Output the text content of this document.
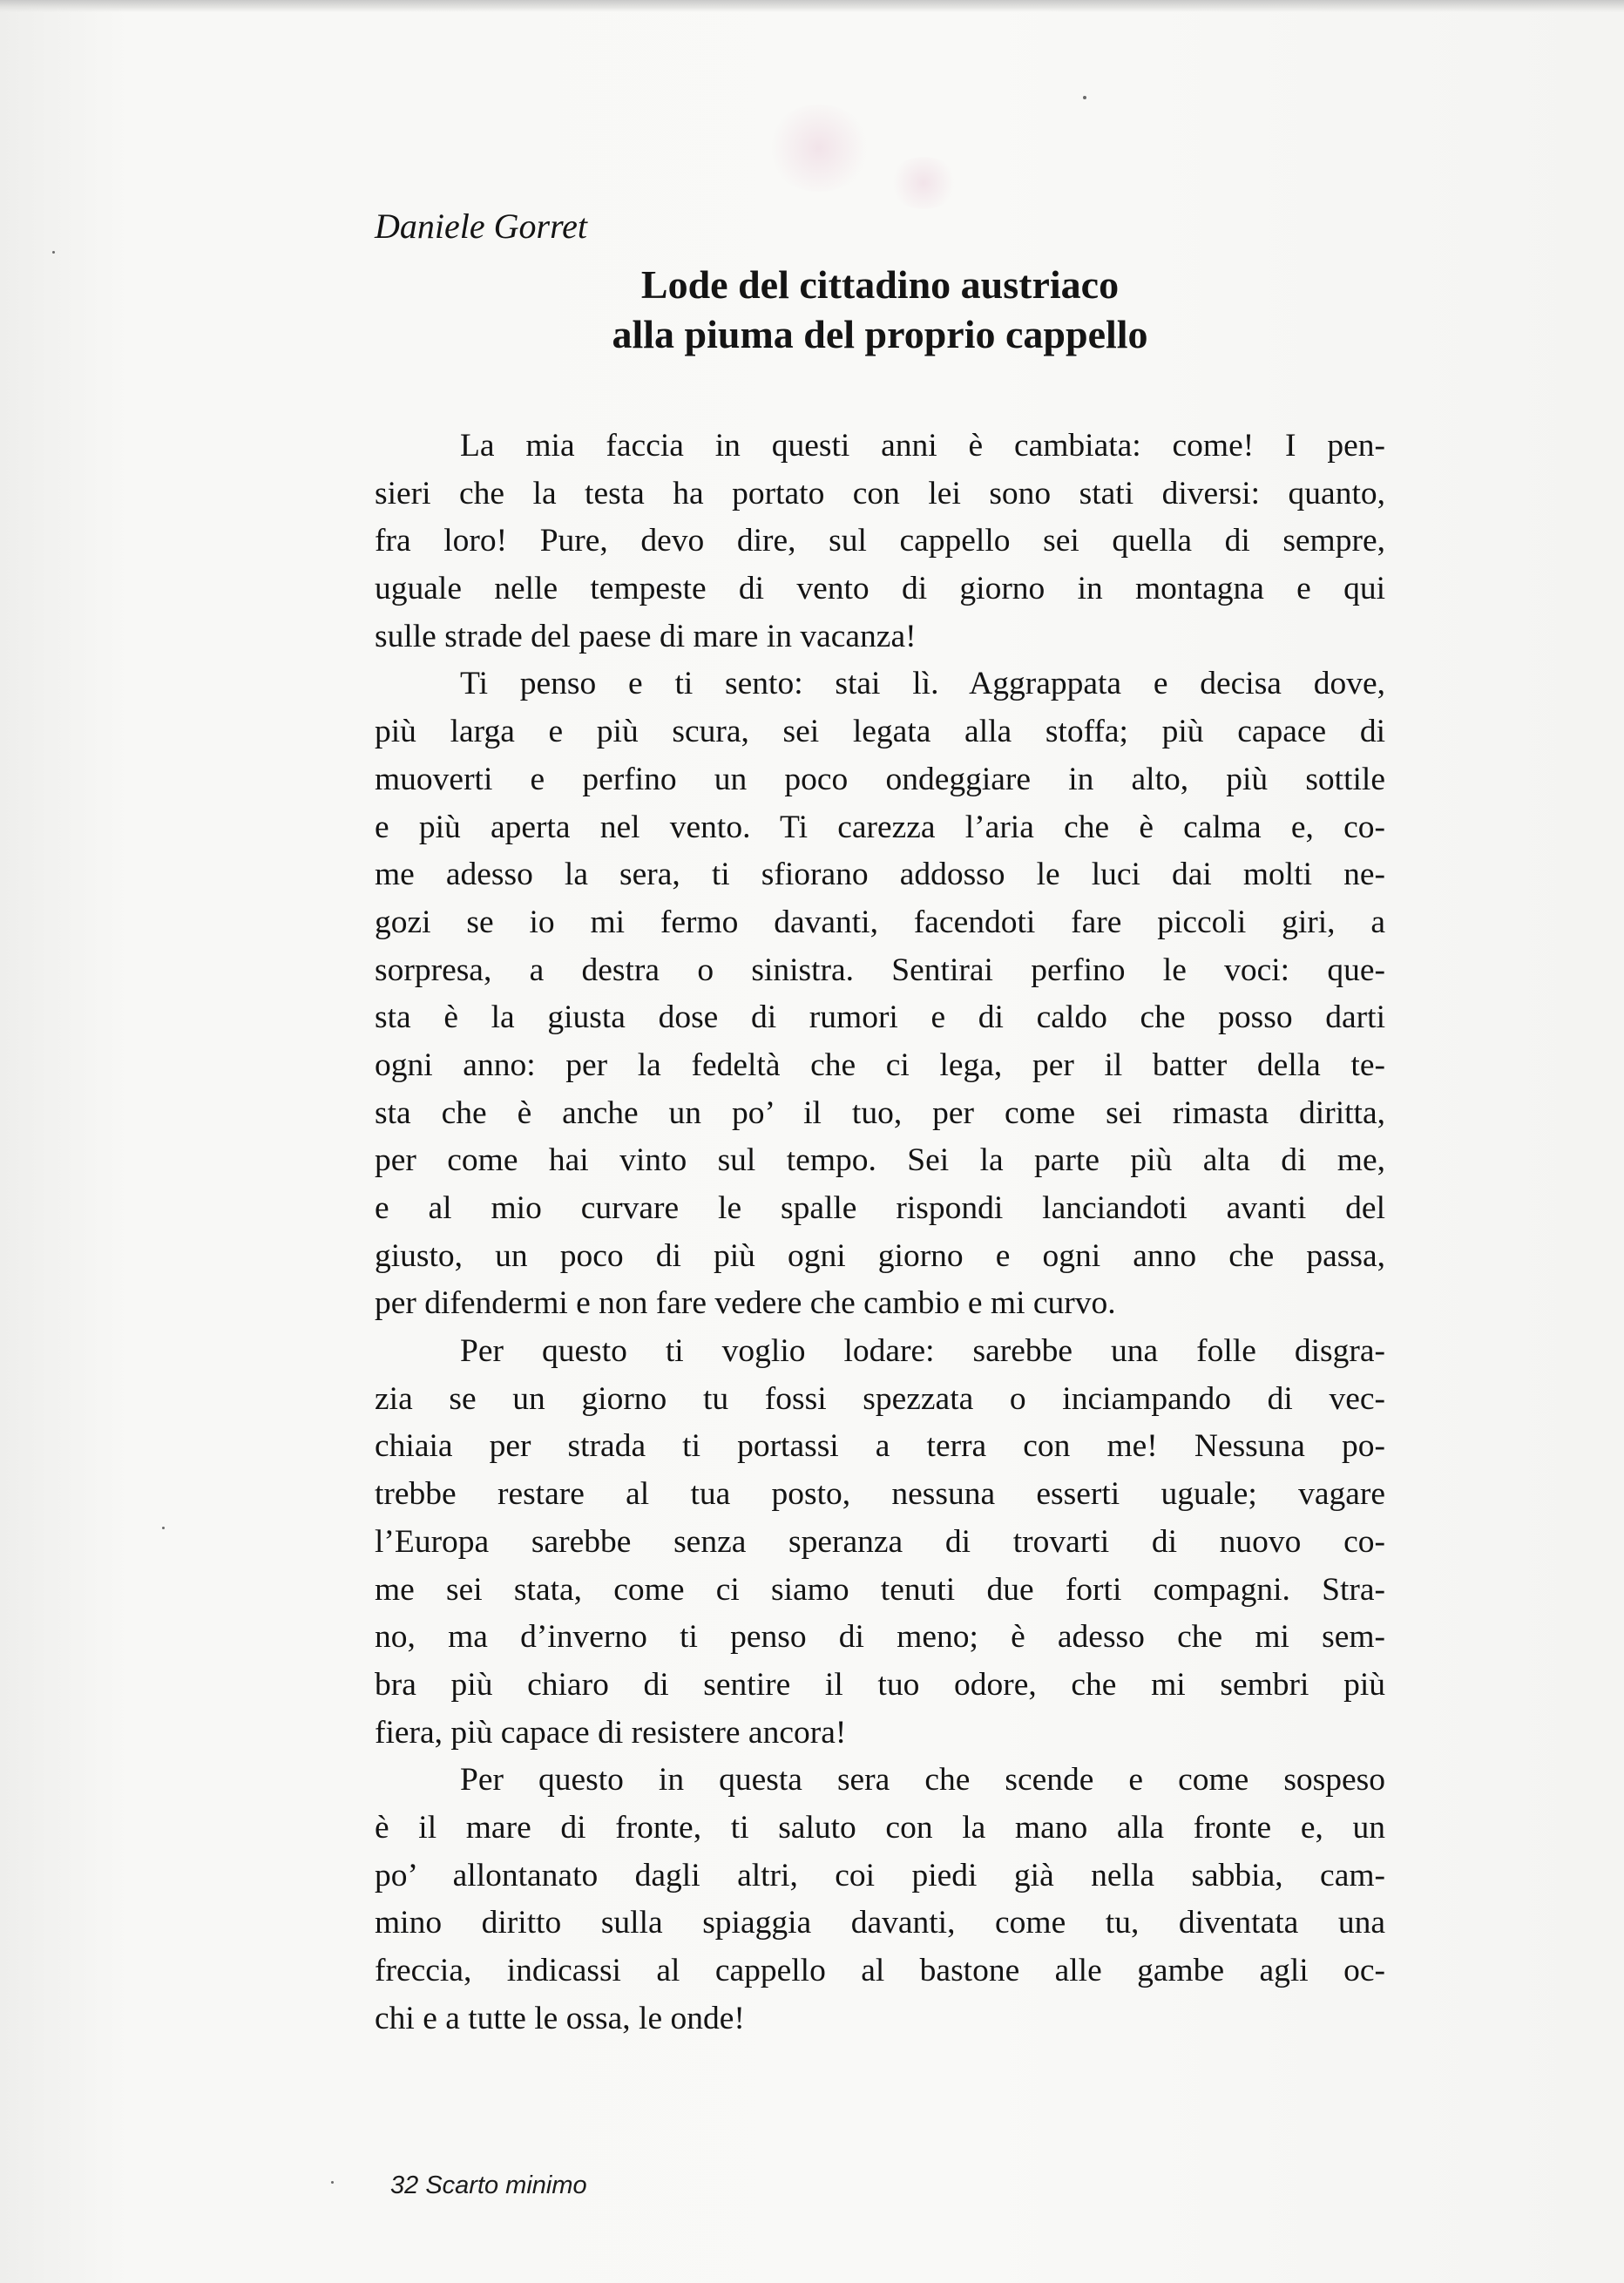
Daniele Gorret
Lode del cittadino austriaco
alla piuma del proprio cappello
La mia faccia in questi anni è cambiata: come! I pen-
sieri che la testa ha portato con lei sono stati diversi: quanto,
fra loro! Pure, devo dire, sul cappello sei quella di sempre,
uguale nelle tempeste di vento di giorno in montagna e qui
sulle strade del paese di mare in vacanza!
Ti penso e ti sento: stai lì. Aggrappata e decisa dove,
più larga e più scura, sei legata alla stoffa; più capace di
muoverti e perfino un poco ondeggiare in alto, più sottile
e più aperta nel vento. Ti carezza l’aria che è calma e, co-
me adesso la sera, ti sfiorano addosso le luci dai molti ne-
gozi se io mi fermo davanti, facendoti fare piccoli giri, a
sorpresa, a destra o sinistra. Sentirai perfino le voci: que-
sta è la giusta dose di rumori e di caldo che posso darti
ogni anno: per la fedeltà che ci lega, per il batter della te-
sta che è anche un po’ il tuo, per come sei rimasta diritta,
per come hai vinto sul tempo. Sei la parte più alta di me,
e al mio curvare le spalle rispondi lanciandoti avanti del
giusto, un poco di più ogni giorno e ogni anno che passa,
per difendermi e non fare vedere che cambio e mi curvo.
Per questo ti voglio lodare: sarebbe una folle disgra-
zia se un giorno tu fossi spezzata o inciampando di vec-
chiaia per strada ti portassi a terra con me! Nessuna po-
trebbe restare al tua posto, nessuna esserti uguale; vagare
l’Europa sarebbe senza speranza di trovarti di nuovo co-
me sei stata, come ci siamo tenuti due forti compagni. Stra-
no, ma d’inverno ti penso di meno; è adesso che mi sem-
bra più chiaro di sentire il tuo odore, che mi sembri più
fiera, più capace di resistere ancora!
Per questo in questa sera che scende e come sospeso
è il mare di fronte, ti saluto con la mano alla fronte e, un
po’ allontanato dagli altri, coi piedi già nella sabbia, cam-
mino diritto sulla spiaggia davanti, come tu, diventata una
freccia, indicassi al cappello al bastone alle gambe agli oc-
chi e a tutte le ossa, le onde!
32 Scarto minimo
